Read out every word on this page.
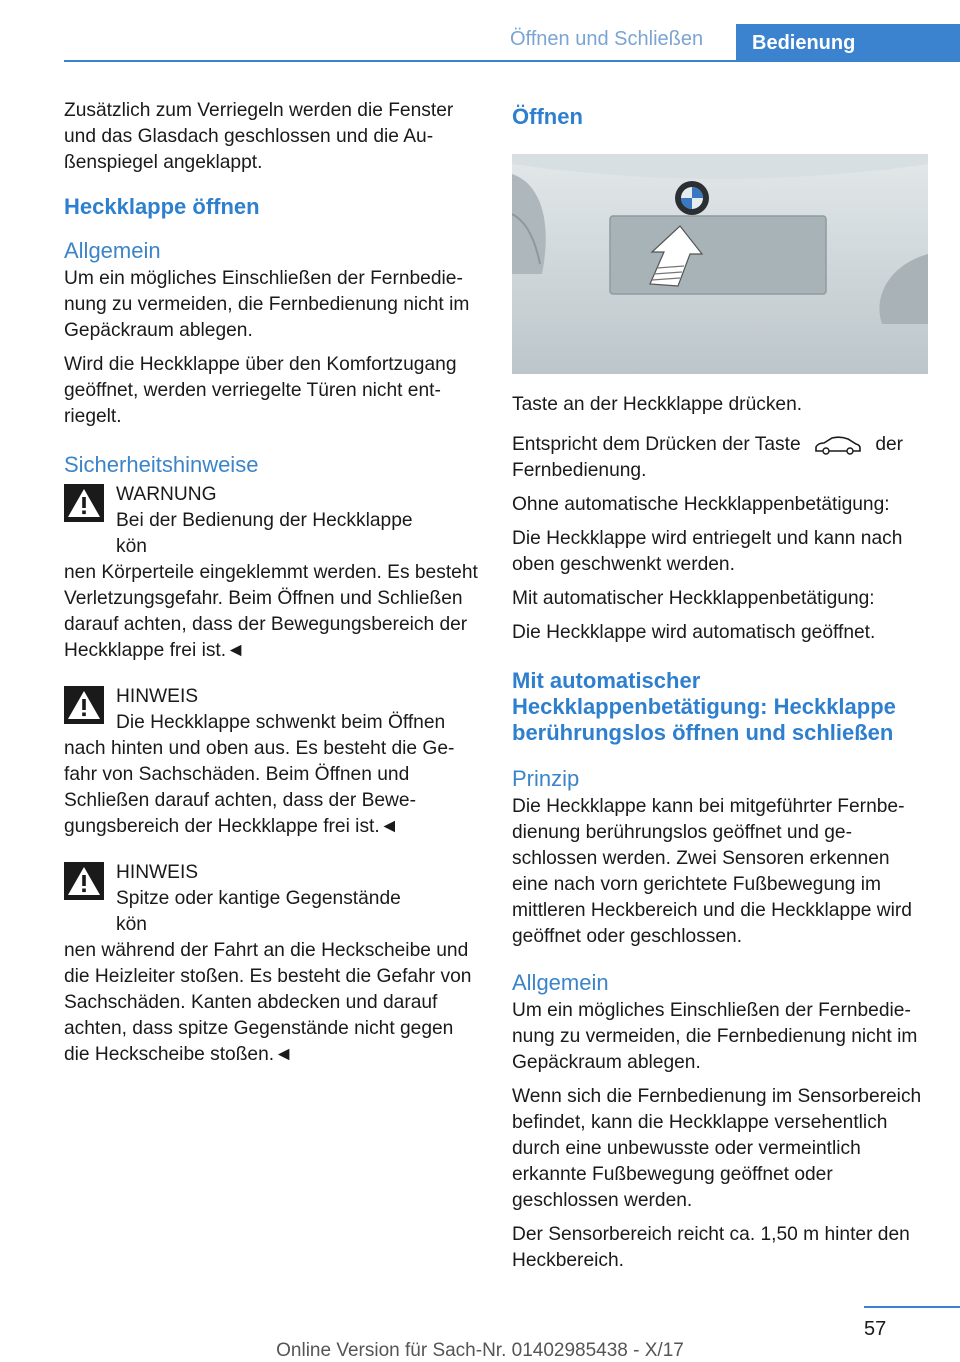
Öffnen und Schließen	Bedienung

Zusätzlich zum Verriegeln werden die Fenster und das Glasdach geschlossen und die Außenspiegel angeklappt.

Heckklappe öffnen
Allgemein

Um ein mögliches Einschließen der Fernbedienung zu vermeiden, die Fernbedienung nicht im Gepäckraum ablegen.

Wird die Heckklappe über den Komfortzugang geöffnet, werden verriegelte Türen nicht entriegelt.

Sicherheitshinweise
WARNUNG
Bei der Bedienung der Heckklappe kön

nen Körperteile eingeklemmt werden. Es besteht Verletzungsgefahr. Beim Öffnen und Schließen darauf achten, dass der Bewegungsbereich der Heckklappe frei ist.◄

HINWEIS
Die Heckklappe schwenkt beim Öffnen

nach hinten und oben aus. Es besteht die Gefahr von Sachschäden. Beim Öffnen und Schließen darauf achten, dass der Bewegungsbereich der Heckklappe frei ist.◄

HINWEIS
Spitze oder kantige Gegenstände kön

nen während der Fahrt an die Heckscheibe und die Heizleiter stoßen. Es besteht die Gefahr von Sachschäden. Kanten abdecken und darauf achten, dass spitze Gegenstände nicht gegen die Heckscheibe stoßen.◄

Öffnen

Taste an der Heckklappe drücken.

Entspricht dem Drücken der Taste	der Fernbedienung.

Ohne automatische Heckklappenbetätigung:

Die Heckklappe wird entriegelt und kann nach oben geschwenkt werden.

Mit automatischer Heckklappenbetätigung:

Die Heckklappe wird automatisch geöffnet.

Mit automatischer Heckklappenbetätigung: Heckklappe berührungslos öffnen und schließen
Prinzip

Die Heckklappe kann bei mitgeführter Fernbedienung berührungslos geöffnet und geschlossen werden. Zwei Sensoren erkennen eine nach vorn gerichtete Fußbewegung im mittleren Heckbereich und die Heckklappe wird geöffnet oder geschlossen.

Allgemein

Um ein mögliches Einschließen der Fernbedienung zu vermeiden, die Fernbedienung nicht im Gepäckraum ablegen.

Wenn sich die Fernbedienung im Sensorbereich befindet, kann die Heckklappe versehentlich durch eine unbewusste oder vermeintlich erkannte Fußbewegung geöffnet oder geschlossen werden.

Der Sensorbereich reicht ca. 1,50 m hinter den Heckbereich.

57
Online Version für Sach-Nr. 01402985438 - X/17
